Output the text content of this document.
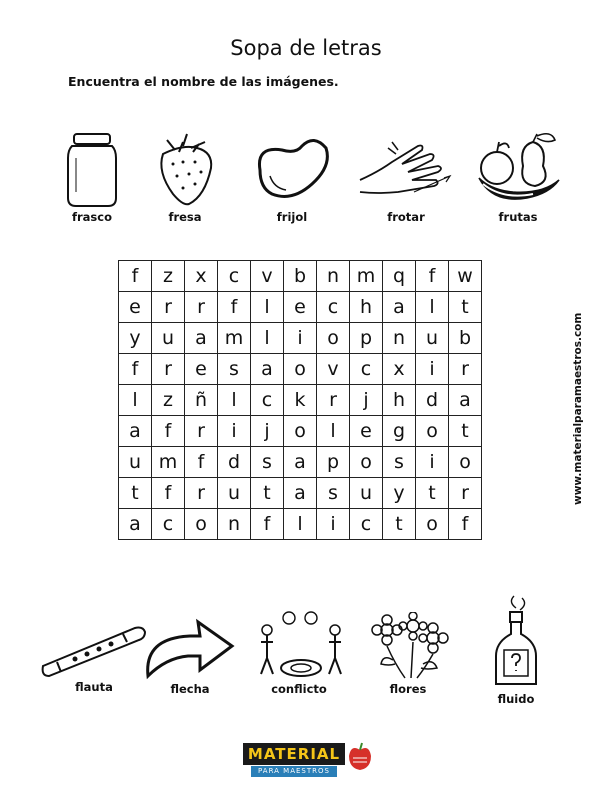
Sopa de letras
Encuentra el nombre de las imágenes.
frasco	fresa	frijol	frotar	frutas
f	z	x	c	v	b	n	m	q	f	w
e	r	r	f	l	e	c	h	a	l	t
y	u	a	m	l	i	o	p	n	u	b
f	r	e	s	a	o	v	c	x	i	r
l	z	ñ	l	c	k	r	j	h	d	a
a	f	r	i	j	o	l	e	g	o	t
u	m	f	d	s	a	p	o	s	i	o
t	f	r	u	t	a	s	u	y	t	r
a	c	o	n	f	l	i	c	t	o	f
www.materialparamaestros.com
flauta	flecha	conflicto	flores
fluido
MATERIAL
PARA MAESTROS
